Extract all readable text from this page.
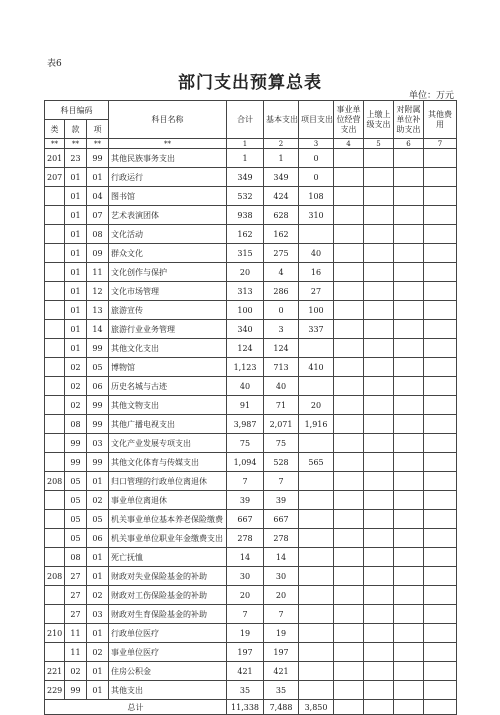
表6
部门支出预算总表
单位：万元
科目编码			科目名称	合计	基本支出	项目支出	事业单位经营支出	上缴上级支出	对附属单位补助支出	其他费用
类	款	项								
**	**	**	**	1	2	3	4	5	6	7
201	23	99	其他民族事务支出	1	1	0				
207	01	01	行政运行	349	349	0				
	01	04	图书馆	532	424	108				
	01	07	艺术表演团体	938	628	310				
	01	08	文化活动	162	162					
	01	09	群众文化	315	275	40				
	01	11	文化创作与保护	20	4	16				
	01	12	文化市场管理	313	286	27				
	01	13	旅游宣传	100	0	100				
	01	14	旅游行业业务管理	340	3	337				
	01	99	其他文化支出	124	124					
	02	05	博物馆	1,123	713	410				
	02	06	历史名城与古迹	40	40					
	02	99	其他文物支出	91	71	20				
	08	99	其他广播电视支出	3,987	2,071	1,916				
	99	03	文化产业发展专项支出	75	75					
	99	99	其他文化体育与传媒支出	1,094	528	565				
208	05	01	归口管理的行政单位离退休	7	7					
	05	02	事业单位离退休	39	39					
	05	05	机关事业单位基本养老保险缴费	667	667					
	05	06	机关事业单位职业年金缴费支出	278	278					
	08	01	死亡抚恤	14	14					
208	27	01	财政对失业保险基金的补助	30	30					
	27	02	财政对工伤保险基金的补助	20	20					
	27	03	财政对生育保险基金的补助	7	7					
210	11	01	行政单位医疗	19	19					
	11	02	事业单位医疗	197	197					
221	02	01	住房公积金	421	421					
229	99	01	其他支出	35	35					
总计				11,338	7,488	3,850				
